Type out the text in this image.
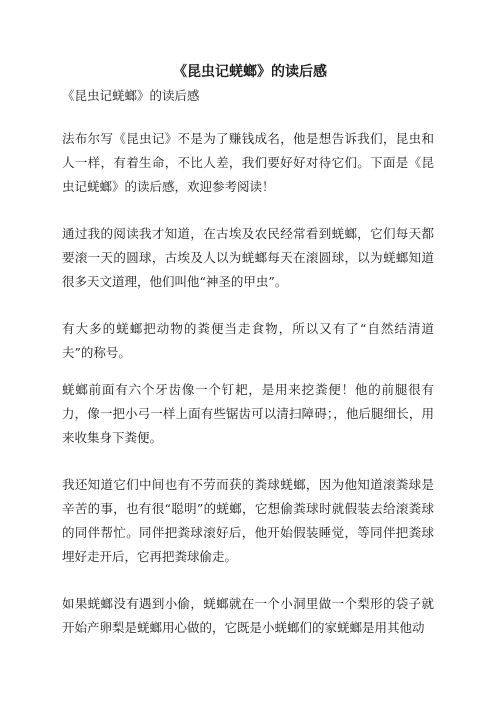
《昆虫记蜣螂》的读后感
《昆虫记蜣螂》的读后感

法布尔写《昆虫记》不是为了赚钱成名，他是想告诉我们，昆虫和人一样，有着生命，不比人差，我们要好好对待它们。下面是《昆虫记蜣螂》的读后感，欢迎参考阅读！

通过我的阅读我才知道，在古埃及农民经常看到蜣螂，它们每天都要滚一天的圆球，古埃及人以为蜣螂每天在滚圆球，以为蜣螂知道很多天文道理，他们叫他“神圣的甲虫”。

有大多的蜣螂把动物的粪便当走食物，所以又有了“自然结清道夫”的称号。

蜣螂前面有六个牙齿像一个钉耙，是用来挖粪便！他的前腿很有力，像一把小弓一样上面有些锯齿可以清扫障碍；，他后腿细长，用来收集身下粪便。

我还知道它们中间也有不劳而获的粪球蜣螂，因为他知道滚粪球是辛苦的事，也有很“聪明”的蜣螂，它想偷粪球时就假装去给滚粪球的同伴帮忙。同伴把粪球滚好后，他开始假装睡觉，等同伴把粪球埋好走开后，它再把粪球偷走。

如果蜣螂没有遇到小偷，蜣螂就在一个小洞里做一个梨形的袋子就开始产卵梨是蜣螂用心做的，它既是小蜣螂们的家蜣螂是用其他动
